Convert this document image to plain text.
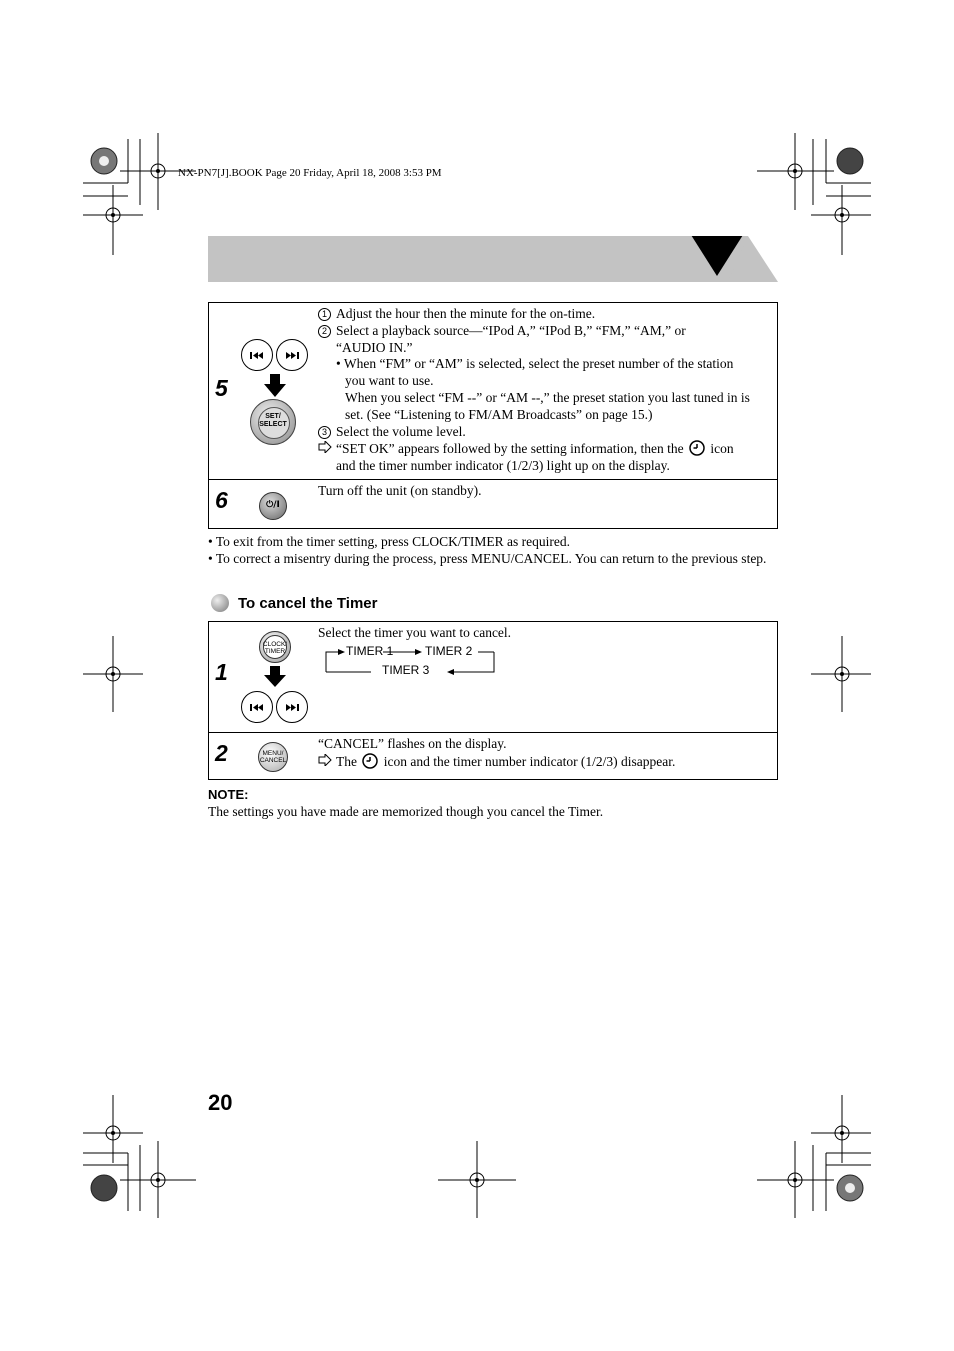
NX-PN7[J].BOOK Page 20 Friday, April 18, 2008 3:53 PM
5
SET/ SELECT
1 Adjust the hour then the minute for the on-time.
2 Select a playback source—“IPod A,” “IPod B,” “FM,” “AM,” or
“AUDIO IN.”
• When “FM” or “AM” is selected, select the preset number of the station
you want to use.
When you select “FM --” or “AM --,” the preset station you last tuned in is
set. (See “Listening to FM/AM Broadcasts” on page 15.)
3 Select the volume level.
“SET OK” appears followed by the setting information, then the icon
and the timer number indicator (1/2/3) light up on the display.
6	⏻/I
Turn off the unit (on standby).
• To exit from the timer setting, press CLOCK/TIMER as required.
• To correct a misentry during the process, press MENU/CANCEL. You can return to the previous step.
To cancel the Timer
1
CLOCK/ TIMER
Select the timer you want to cancel.
TIMER 1	TIMER 2
TIMER 3
2	MENU/ CANCEL
“CANCEL” flashes on the display.
The icon and the timer number indicator (1/2/3) disappear.
NOTE:
The settings you have made are memorized though you cancel the Timer.
20
